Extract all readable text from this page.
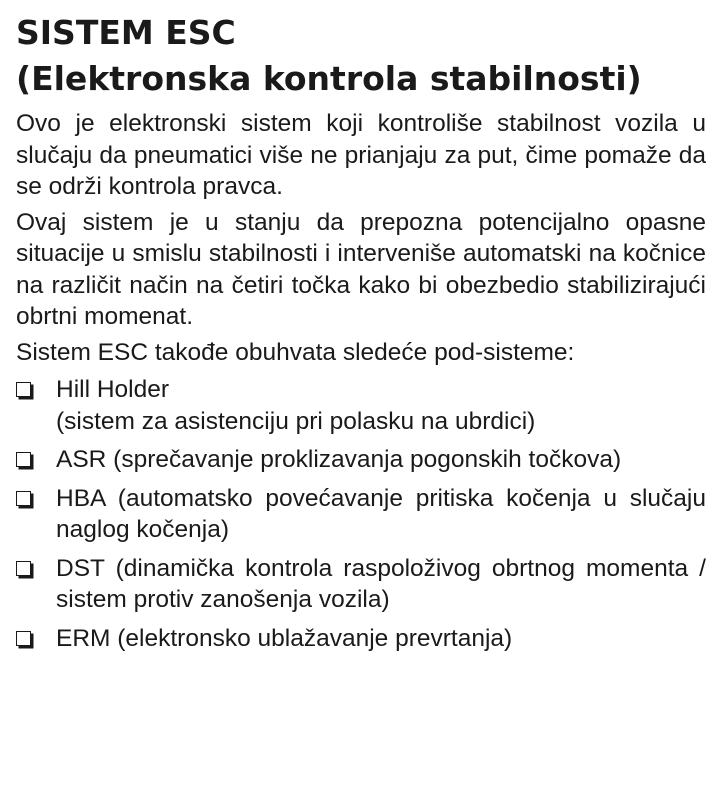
SISTEM ESC
(Elektronska kontrola stabilnosti)

Ovo je elektronski sistem koji kontroliše stabilnost vozila u slučaju da pneumatici više ne prianjaju za put, čime pomaže da se održi kontrola pravca.

Ovaj sistem je u stanju da prepozna potencijalno opasne situacije u smislu stabilnosti i interveniše automatski na kočnice na različit način na četiri točka kako bi obezbedio stabilizirajući obrtni momenat.

Sistem ESC takođe obuhvata sledeće pod-sisteme:

Hill Holder
(sistem za asistenciju pri polasku na ubrdici)
ASR (sprečavanje proklizavanja pogonskih točkova)
HBA (automatsko povećavanje pritiska kočenja u slučaju naglog kočenja)
DST (dinamička kontrola raspoloživog obrtnog momenta / sistem protiv zanošenja vozila)
ERM (elektronsko ublažavanje prevrtanja)
